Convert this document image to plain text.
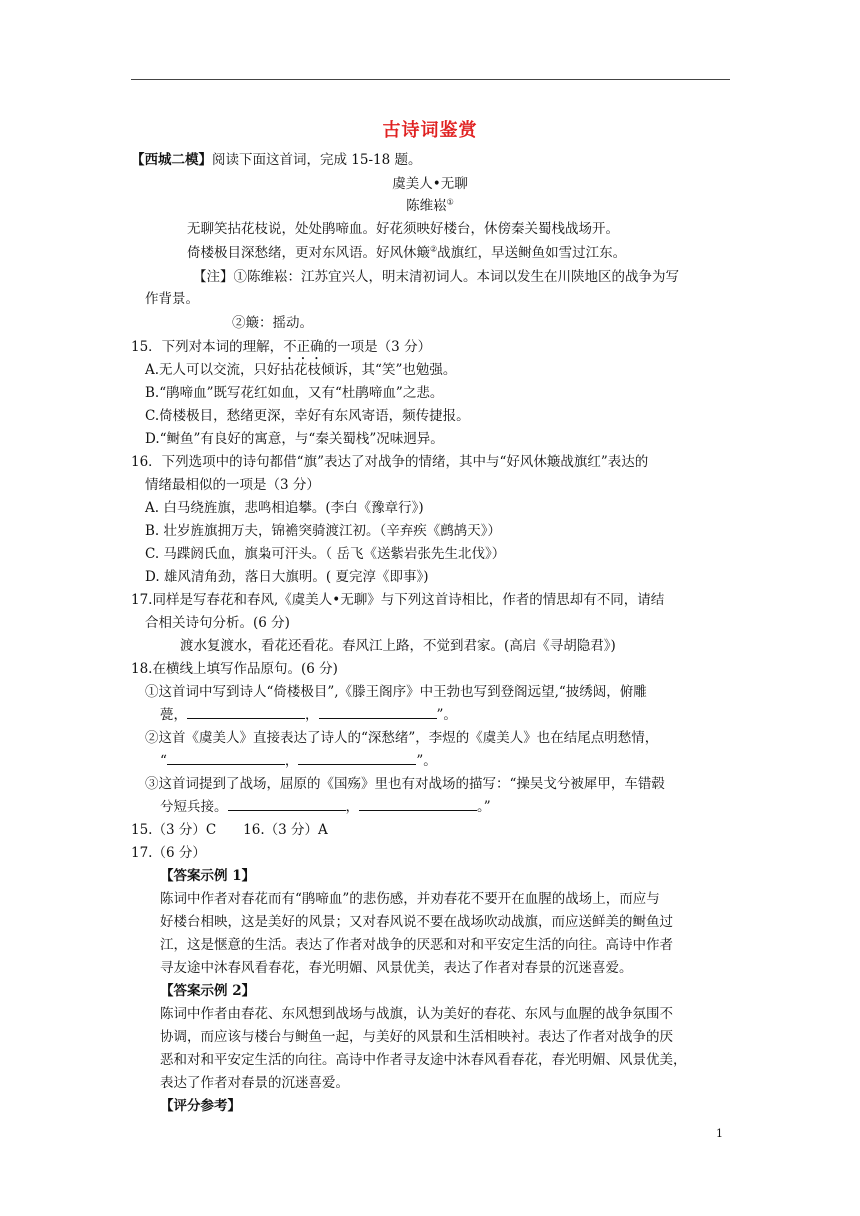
古诗词鉴赏
【西城二模】阅读下面这首词，完成 15-18 题。
虞美人•无聊
陈维崧①
无聊笑拈花枝说，处处鹃啼血。好花须映好楼台，休傍秦关蜀栈战场开。
倚楼极目深愁绪，更对东风语。好风休簸②战旗红，早送鲥鱼如雪过江东。
【注】①陈维崧：江苏宜兴人，明末清初词人。本词以发生在川陕地区的战争为写
作背景。
②簸：摇动。
15．下列对本词的理解，不正确的一项是（3 分）
A.无人可以交流，只好拈花枝倾诉，其“笑”也勉强。
B.“鹃啼血”既写花红如血，又有“杜鹃啼血”之悲。
C.倚楼极目，愁绪更深，幸好有东风寄语，频传捷报。
D.“鲥鱼”有良好的寓意，与“秦关蜀栈”况味迥异。
16．下列选项中的诗句都借“旗”表达了对战争的情绪，其中与“好风休簸战旗红”表达的
情绪最相似的一项是（3 分）
A. 白马绕旌旗，悲鸣相追攀。(李白《豫章行》)
B. 壮岁旌旗拥万夫，锦襜突骑渡江初。（辛弃疾《鹧鸪天》）
C. 马蹀阏氏血，旗枭可汗头。（ 岳飞《送紫岩张先生北伐》）
D. 雄风清角劲，落日大旗明。( 夏完淳《即事》)
17.同样是写春花和春风,《虞美人•无聊》与下列这首诗相比，作者的情思却有不同，请结
合相关诗句分析。(6 分)
渡水复渡水，看花还看花。春风江上路，不觉到君家。(高启《寻胡隐君》)
18.在横线上填写作品原句。(6 分)
①这首词中写到诗人“倚楼极目”,《滕王阁序》中王勃也写到登阁远望,“披绣闼，俯雕
甍，	，	”。
②这首《虞美人》直接表达了诗人的“深愁绪”，李煜的《虞美人》也在结尾点明愁情，
“	，	”。
③这首词提到了战场，屈原的《国殇》里也有对战场的描写：“操吴戈兮被犀甲，车错毂
兮短兵接。	，	。”
15.（3 分）C　　16.（3 分）A
17.（6 分）
【答案示例 1】
陈词中作者对春花而有“鹃啼血”的悲伤感，并劝春花不要开在血腥的战场上，而应与
好楼台相映，这是美好的风景；又对春风说不要在战场吹动战旗，而应送鲜美的鲥鱼过
江，这是惬意的生活。表达了作者对战争的厌恶和对和平安定生活的向往。高诗中作者
寻友途中沐春风看春花，春光明媚、风景优美，表达了作者对春景的沉迷喜爱。
【答案示例 2】
陈词中作者由春花、东风想到战场与战旗，认为美好的春花、东风与血腥的战争氛围不
协调，而应该与楼台与鲥鱼一起，与美好的风景和生活相映衬。表达了作者对战争的厌
恶和对和平安定生活的向往。高诗中作者寻友途中沐春风看春花，春光明媚、风景优美，
表达了作者对春景的沉迷喜爱。
【评分参考】
1
